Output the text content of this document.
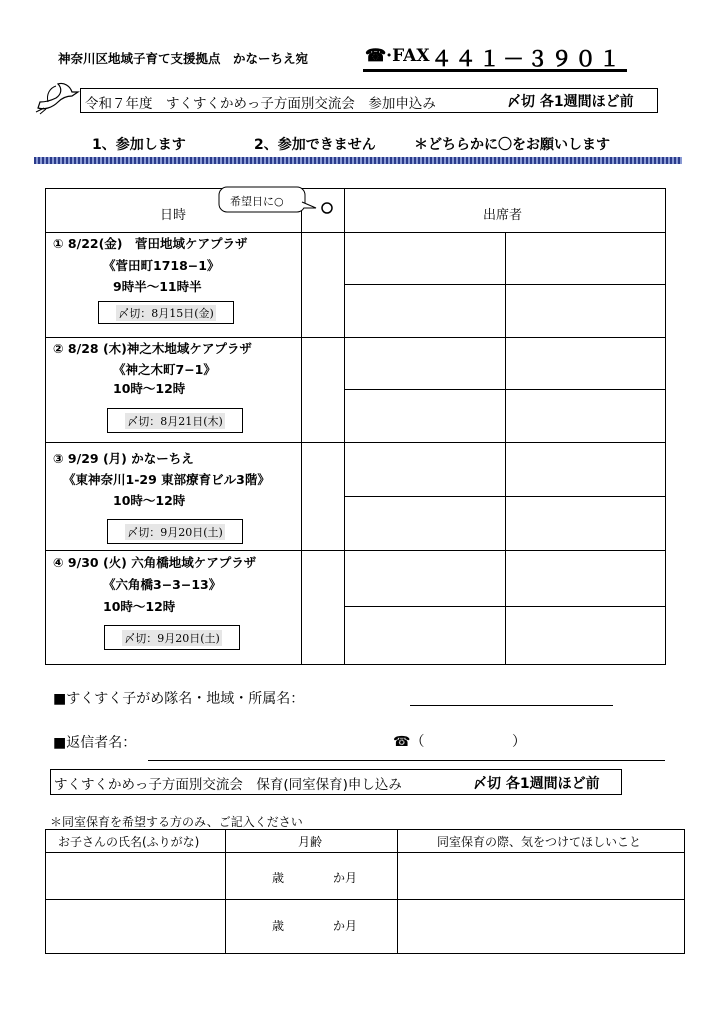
神奈川区地域子育て支援拠点　かなーちえ宛	☎·FAX ４４１－３９０１
令和７年度　すくすくかめっ子方面別交流会　参加申込み	〆切 各1週間ほど前
1、参加します	2、参加できません	＊どちらかに〇をお願いします
日時	出席者
希望日に○
① 8/22(金)　菅田地域ケアプラザ
《菅田町1718−1》
9時半～11時半
〆切：8月15日(金)
② 8/28 (木)神之木地域ケアプラザ
《神之木町7−1》
10時～12時
〆切：8月21日(木)
③ 9/29 (月) かなーちえ
《東神奈川1-29 東部療育ビル3階》
10時～12時
〆切：9月20日(土)
④ 9/30 (火) 六角橋地域ケアプラザ
《六角橋3−3−13》
10時～12時
〆切：9月20日(土)
■すくすく子がめ隊名・地域・所属名：
■返信者名：	☎（	）
すくすくかめっ子方面別交流会　保育(同室保育)申し込み	〆切 各1週間ほど前
＊同室保育を希望する方のみ、ご記入ください
お子さんの氏名(ふりがな)	月齢	同室保育の際、気をつけてほしいこと
歳	か月
歳	か月
